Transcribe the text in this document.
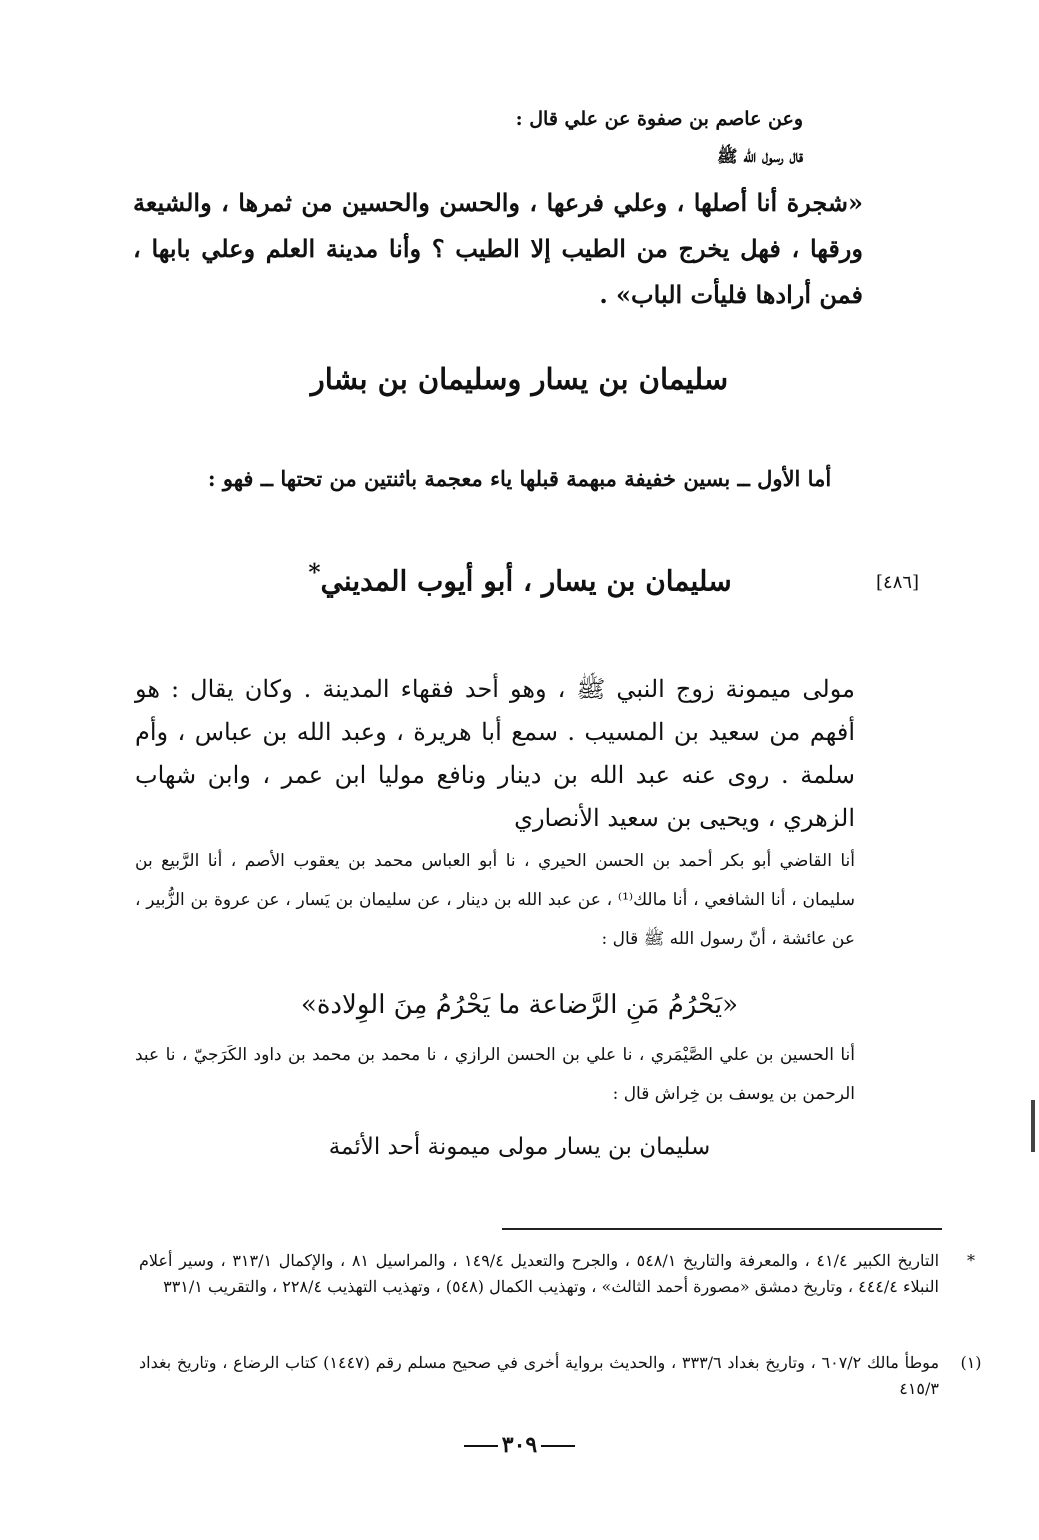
وعن عاصم بن صفوة عن علي قال :
قال رسول الله ﷺ
«شجرة أنا أصلها ، وعلي فرعها ، والحسن والحسين من ثمرها ، والشيعة ورقها ، فهل يخرج من الطيب إلا الطيب ؟ وأنا مدينة العلم وعلي بابها ، فمن أرادها فليأت الباب» .
سليمان بن يسار وسليمان بن بشار
أما الأول ــ بسين خفيفة مبهمة قبلها ياء معجمة باثنتين من تحتها ــ فهو :
[٤٨٦]
سليمان بن يسار ، أبو أيوب المديني*
مولى ميمونة زوج النبي ﷺ ، وهو أحد فقهاء المدينة . وكان يقال : هو أفهم من سعيد بن المسيب . سمع أبا هريرة ، وعبد الله بن عباس ، وأم سلمة . روى عنه عبد الله بن دينار ونافع موليا ابن عمر ، وابن شهاب الزهري ، ويحيى بن سعيد الأنصاري
أنا القاضي أبو بكر أحمد بن الحسن الحيري ، نا أبو العباس محمد بن يعقوب الأصم ، أنا الرَّبيع بن سليمان ، أنا الشافعي ، أنا مالك⁽¹⁾ ، عن عبد الله بن دينار ، عن سليمان بن يَسار ، عن عروة بن الزُّبير ، عن عائشة ، أنّ رسول الله ﷺ قال :
«يَحْرُمُ مَنِ الرَّضاعة ما يَحْرُمُ مِنَ الوِلادة»
أنا الحسين بن علي الصَّيْمَري ، نا علي بن الحسن الرازي ، نا محمد بن محمد بن داود الكَرَجيّ ، نا عبد الرحمن بن يوسف بن خِراش قال :
سليمان بن يسار مولى ميمونة أحد الأئمة
*
التاريخ الكبير ٤١/٤ ، والمعرفة والتاريخ ٥٤٨/١ ، والجرح والتعديل ١٤٩/٤ ، والمراسيل ٨١ ، والإكمال ٣١٣/١ ، وسير أعلام النبلاء ٤٤٤/٤ ، وتاريخ دمشق «مصورة أحمد الثالث» ، وتهذيب الكمال (٥٤٨) ، وتهذيب التهذيب ٢٢٨/٤ ، والتقريب ٣٣١/١
(١)
موطأ مالك ٦٠٧/٢ ، وتاريخ بغداد ٣٣٣/٦ ، والحديث برواية أخرى في صحيح مسلم رقم (١٤٤٧) كتاب الرضاع ، وتاريخ بغداد ٤١٥/٣
٣٠٩
